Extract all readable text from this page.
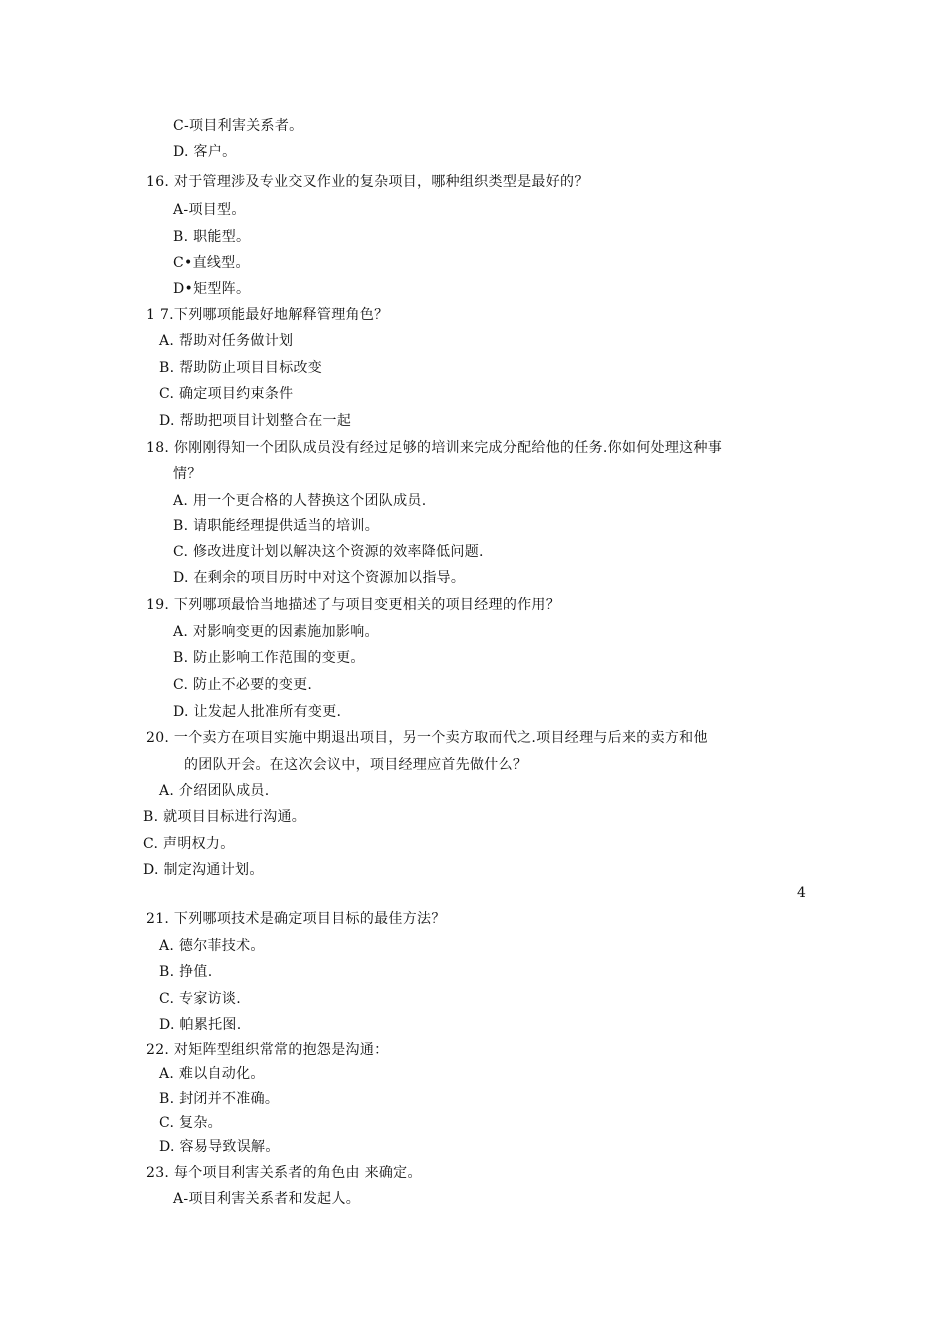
C-项目利害关系者。
D. 客户。
16. 对于管理涉及专业交叉作业的复杂项目，哪种组织类型是最好的？
A-项目型。
B. 职能型。
C•直线型。
D•矩型阵。
1 7.下列哪项能最好地解释管理角色？
A. 帮助对任务做计划
B. 帮助防止项目目标改变
C. 确定项目约束条件
D. 帮助把项目计划整合在一起
18. 你刚刚得知一个团队成员没有经过足够的培训来完成分配给他的任务.你如何处理这种事
情？
A. 用一个更合格的人替换这个团队成员.
B. 请职能经理提供适当的培训。
C. 修改进度计划以解决这个资源的效率降低问题.
D. 在剩余的项目历时中对这个资源加以指导。
19. 下列哪项最恰当地描述了与项目变更相关的项目经理的作用？
A. 对影响变更的因素施加影响。
B. 防止影响工作范围的变更。
C. 防止不必要的变更.
D. 让发起人批准所有变更.
20. 一个卖方在项目实施中期退出项目，另一个卖方取而代之.项目经理与后来的卖方和他
的团队开会。在这次会议中，项目经理应首先做什么？
A. 介绍团队成员.
B. 就项目目标进行沟通。
C. 声明权力。
D. 制定沟通计划。
4
21. 下列哪项技术是确定项目目标的最佳方法？
A. 德尔菲技术。
B. 挣值.
C. 专家访谈.
D. 帕累托图.
22. 对矩阵型组织常常的抱怨是沟通：
A. 难以自动化。
B. 封闭并不准确。
C. 复杂。
D. 容易导致误解。
23. 每个项目利害关系者的角色由 来确定。
A-项目利害关系者和发起人。
